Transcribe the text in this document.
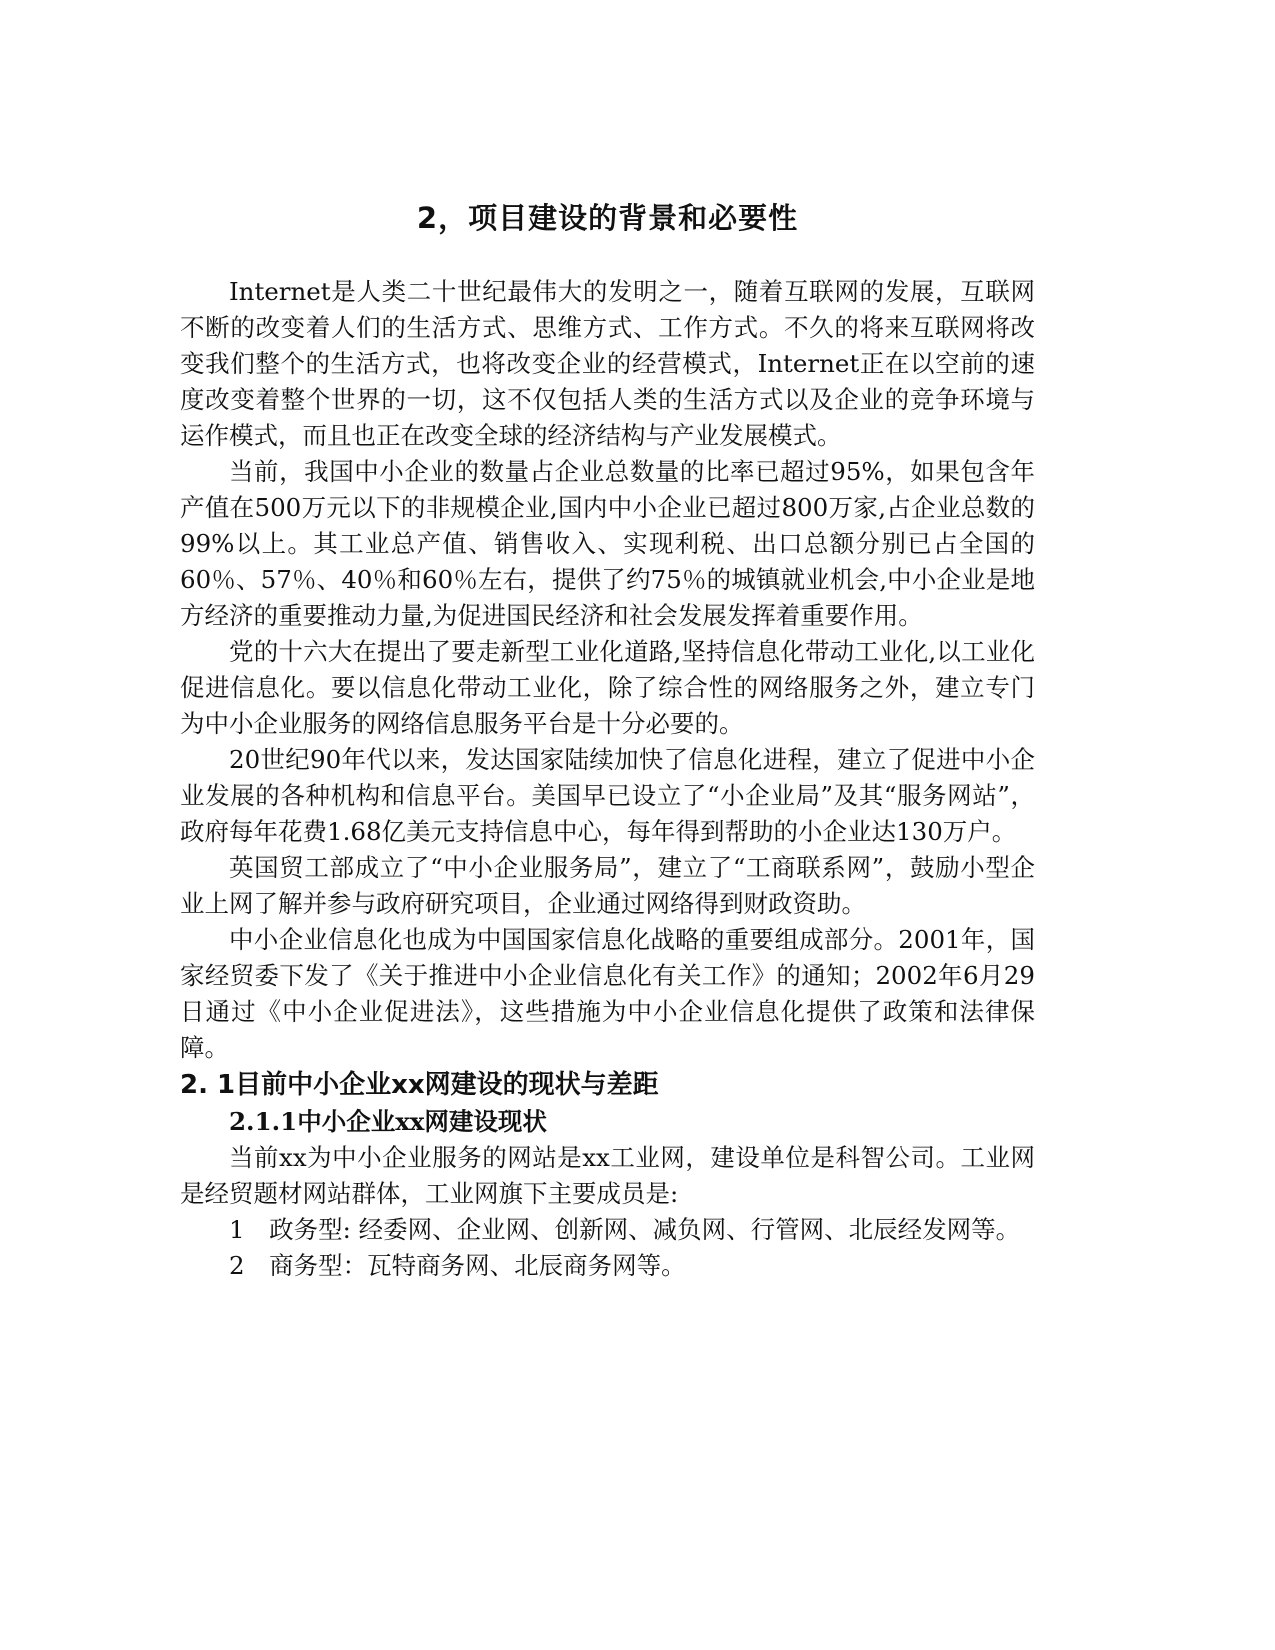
2，项目建设的背景和必要性

Internet是人类二十世纪最伟大的发明之一，随着互联网的发展，互联网不断的改变着人们的生活方式、思维方式、工作方式。不久的将来互联网将改变我们整个的生活方式，也将改变企业的经营模式，Internet正在以空前的速度改变着整个世界的一切，这不仅包括人类的生活方式以及企业的竞争环境与运作模式，而且也正在改变全球的经济结构与产业发展模式。

当前，我国中小企业的数量占企业总数量的比率已超过95%，如果包含年产值在500万元以下的非规模企业,国内中小企业已超过800万家,占企业总数的99%以上。其工业总产值、销售收入、实现利税、出口总额分别已占全国的60％、57％、40％和60％左右，提供了约75％的城镇就业机会,中小企业是地方经济的重要推动力量,为促进国民经济和社会发展发挥着重要作用。

党的十六大在提出了要走新型工业化道路,坚持信息化带动工业化,以工业化促进信息化。要以信息化带动工业化，除了综合性的网络服务之外，建立专门为中小企业服务的网络信息服务平台是十分必要的。

20世纪90年代以来，发达国家陆续加快了信息化进程，建立了促进中小企业发展的各种机构和信息平台。美国早已设立了“小企业局”及其“服务网站”，政府每年花费1.68亿美元支持信息中心，每年得到帮助的小企业达130万户。

英国贸工部成立了“中小企业服务局”，建立了“工商联系网”，鼓励小型企业上网了解并参与政府研究项目，企业通过网络得到财政资助。

中小企业信息化也成为中国国家信息化战略的重要组成部分。2001年，国家经贸委下发了《关于推进中小企业信息化有关工作》的通知；2002年6月29日通过《中小企业促进法》，这些措施为中小企业信息化提供了政策和法律保障。

2. 1目前中小企业xx网建设的现状与差距
2.1.1中小企业xx网建设现状

当前xx为中小企业服务的网站是xx工业网，建设单位是科智公司。工业网是经贸题材网站群体，工业网旗下主要成员是:

1　政务型: 经委网、企业网、创新网、减负网、行管网、北辰经发网等。

2　商务型：瓦特商务网、北辰商务网等。
